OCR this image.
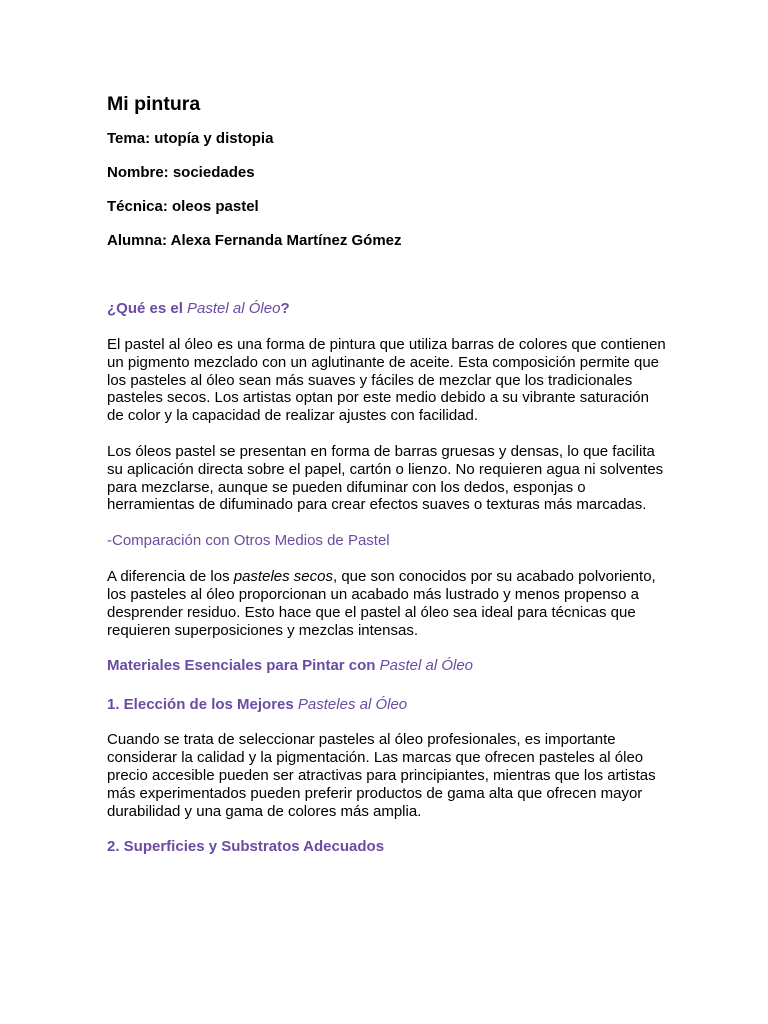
Mi pintura

Tema: utopía y distopia

Nombre: sociedades

Técnica: oleos pastel

Alumna: Alexa Fernanda Martínez Gómez

¿Qué es el Pastel al Óleo?

El pastel al óleo es una forma de pintura que utiliza barras de colores que contienen un pigmento mezclado con un aglutinante de aceite. Esta composición permite que los pasteles al óleo sean más suaves y fáciles de mezclar que los tradicionales pasteles secos. Los artistas optan por este medio debido a su vibrante saturación de color y la capacidad de realizar ajustes con facilidad.

Los óleos pastel se presentan en forma de barras gruesas y densas, lo que facilita su aplicación directa sobre el papel, cartón o lienzo. No requieren agua ni solventes para mezclarse, aunque se pueden difuminar con los dedos, esponjas o herramientas de difuminado para crear efectos suaves o texturas más marcadas.

-Comparación con Otros Medios de Pastel

A diferencia de los pasteles secos, que son conocidos por su acabado polvoriento, los pasteles al óleo proporcionan un acabado más lustrado y menos propenso a desprender residuo. Esto hace que el pastel al óleo sea ideal para técnicas que requieren superposiciones y mezclas intensas.

Materiales Esenciales para Pintar con Pastel al Óleo

1. Elección de los Mejores Pasteles al Óleo

Cuando se trata de seleccionar pasteles al óleo profesionales, es importante considerar la calidad y la pigmentación. Las marcas que ofrecen pasteles al óleo precio accesible pueden ser atractivas para principiantes, mientras que los artistas más experimentados pueden preferir productos de gama alta que ofrecen mayor durabilidad y una gama de colores más amplia.

2. Superficies y Substratos Adecuados
